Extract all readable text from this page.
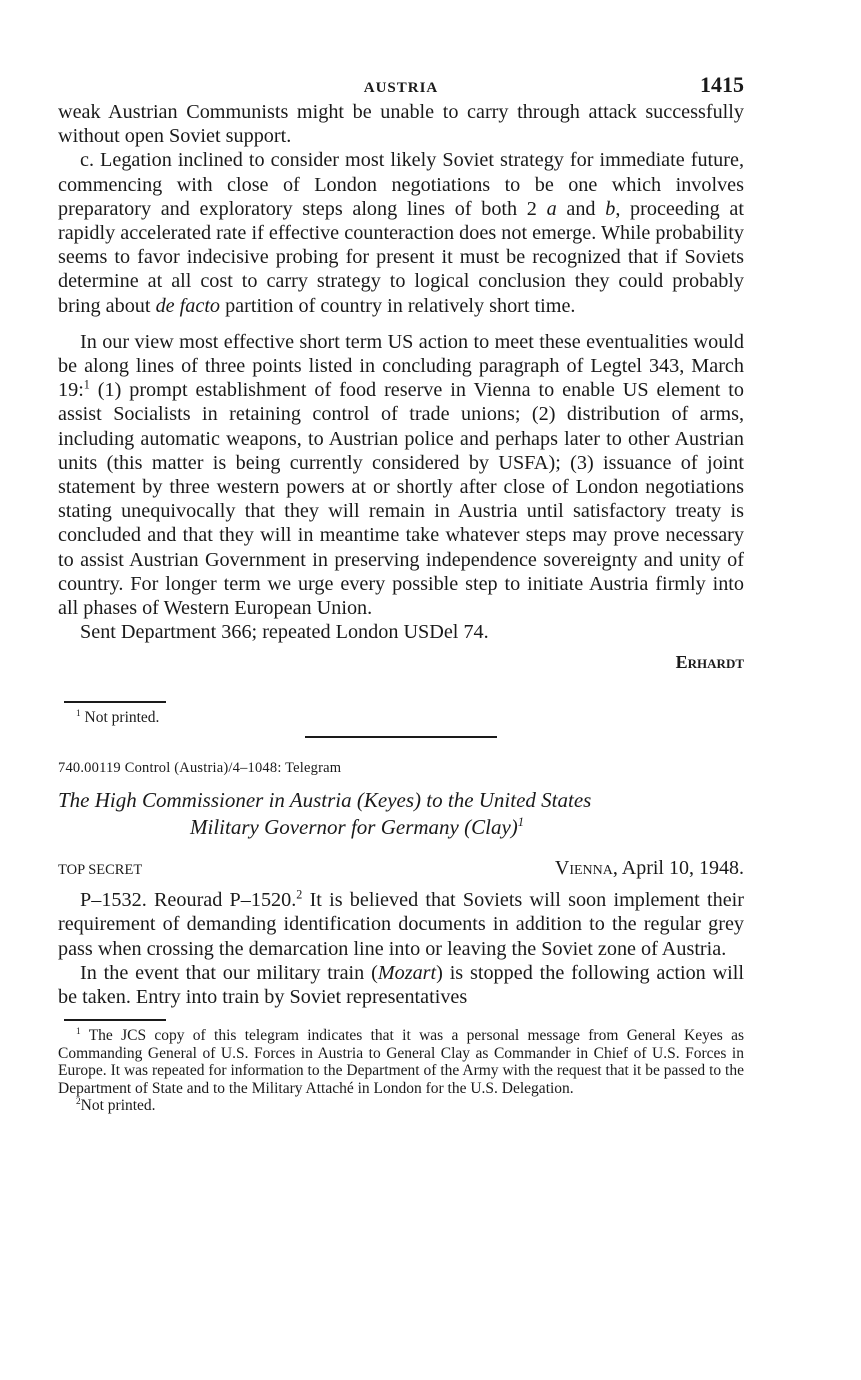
AUSTRIA	1415

weak Austrian Communists might be unable to carry through attack successfully without open Soviet support.

c. Legation inclined to consider most likely Soviet strategy for immediate future, commencing with close of London negotiations to be one which involves preparatory and exploratory steps along lines of both 2 a and b, proceeding at rapidly accelerated rate if effective counteraction does not emerge. While probability seems to favor indecisive probing for present it must be recognized that if Soviets determine at all cost to carry strategy to logical conclusion they could probably bring about de facto partition of country in relatively short time.

In our view most effective short term US action to meet these eventualities would be along lines of three points listed in concluding paragraph of Legtel 343, March 19:$^1$ (1) prompt establishment of food reserve in Vienna to enable US element to assist Socialists in retaining control of trade unions; (2) distribution of arms, including automatic weapons, to Austrian police and perhaps later to other Austrian units (this matter is being currently considered by USFA); (3) issuance of joint statement by three western powers at or shortly after close of London negotiations stating unequivocally that they will remain in Austria until satisfactory treaty is concluded and that they will in meantime take whatever steps may prove necessary to assist Austrian Government in preserving independence sovereignty and unity of country. For longer term we urge every possible step to initiate Austria firmly into all phases of Western European Union.

Sent Department 366; repeated London USDel 74.

Erhardt
$^1$ Not printed.
740.00119 Control (Austria)/4–1048: Telegram
The High Commissioner in Austria (Keyes) to the United States
Military Governor for Germany (Clay)$^1$
TOP SECRET	Vienna, April 10, 1948.

P–1532. Reourad P–1520.$^2$ It is believed that Soviets will soon implement their requirement of demanding identification documents in addition to the regular grey pass when crossing the demarcation line into or leaving the Soviet zone of Austria.

In the event that our military train (Mozart) is stopped the following action will be taken. Entry into train by Soviet representatives

$^1$ The JCS copy of this telegram indicates that it was a personal message from General Keyes as Commanding General of U.S. Forces in Austria to General Clay as Commander in Chief of U.S. Forces in Europe. It was repeated for information to the Department of the Army with the request that it be passed to the Department of State and to the Military Attaché in London for the U.S. Delegation.
$^2$Not printed.
